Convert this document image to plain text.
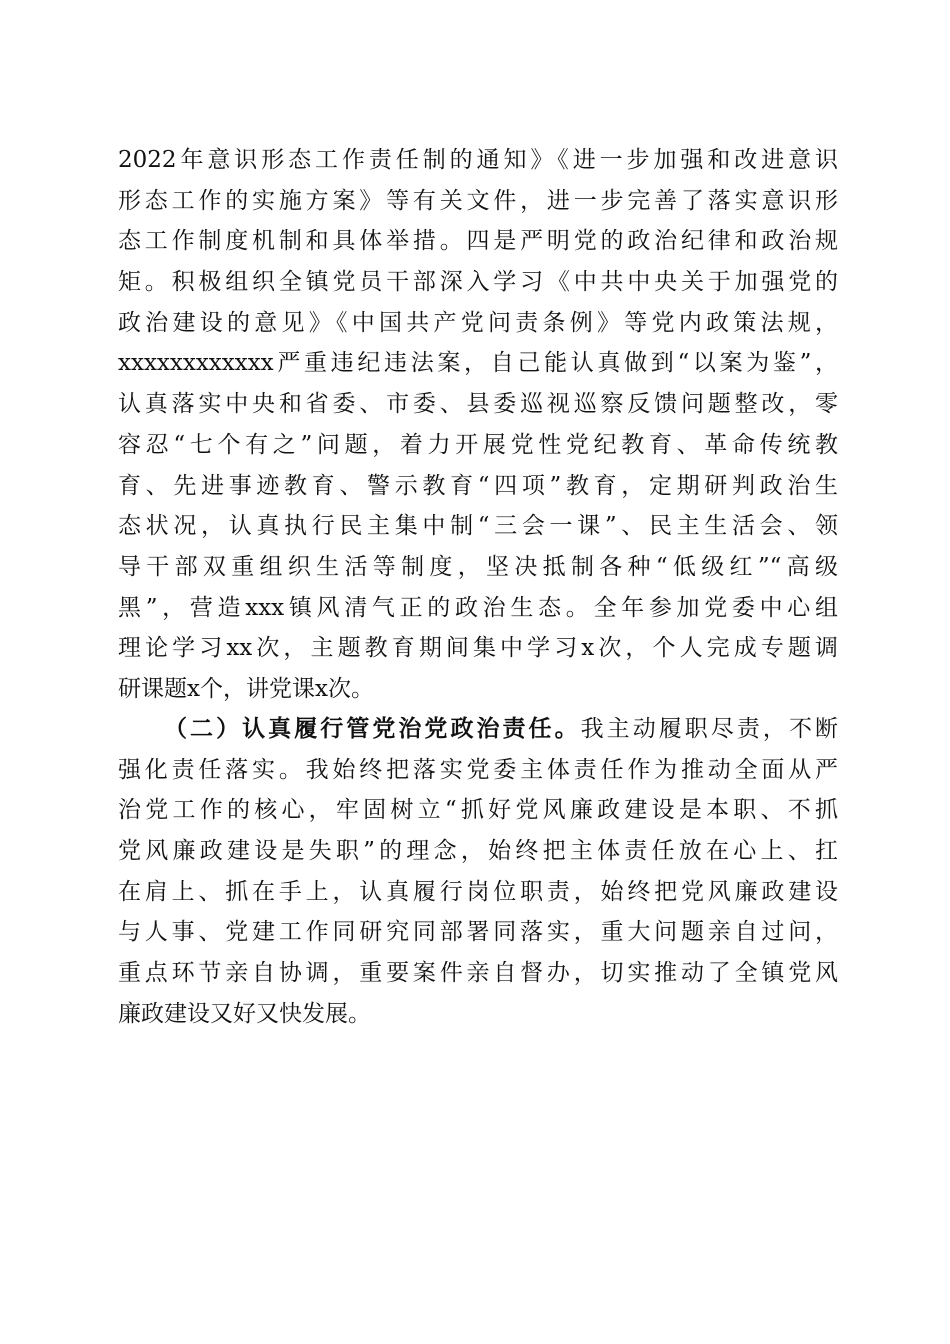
2022年意识形态工作责任制的通知》《进一步加强和改进意识
形态工作的实施方案》等有关文件，进一步完善了落实意识形
态工作制度机制和具体举措。四是严明党的政治纪律和政治规
矩。积极组织全镇党员干部深入学习《中共中央关于加强党的
政治建设的意见》《中国共产党问责条例》等党内政策法规，
xxxxxxxxxxxx严重违纪违法案，自己能认真做到“以案为鉴”，
认真落实中央和省委、市委、县委巡视巡察反馈问题整改，零
容忍“七个有之”问题，着力开展党性党纪教育、革命传统教
育、先进事迹教育、警示教育“四项”教育，定期研判政治生
态状况，认真执行民主集中制“三会一课”、民主生活会、领
导干部双重组织生活等制度，坚决抵制各种“低级红”“高级
黑”，营造xxx镇风清气正的政治生态。全年参加党委中心组
理论学习xx次，主题教育期间集中学习x次，个人完成专题调
研课题x个，讲党课x次。
（二）认真履行管党治党政治责任。我主动履职尽责，不断
强化责任落实。我始终把落实党委主体责任作为推动全面从严
治党工作的核心，牢固树立“抓好党风廉政建设是本职、不抓
党风廉政建设是失职”的理念，始终把主体责任放在心上、扛
在肩上、抓在手上，认真履行岗位职责，始终把党风廉政建设
与人事、党建工作同研究同部署同落实，重大问题亲自过问，
重点环节亲自协调，重要案件亲自督办，切实推动了全镇党风
廉政建设又好又快发展。
